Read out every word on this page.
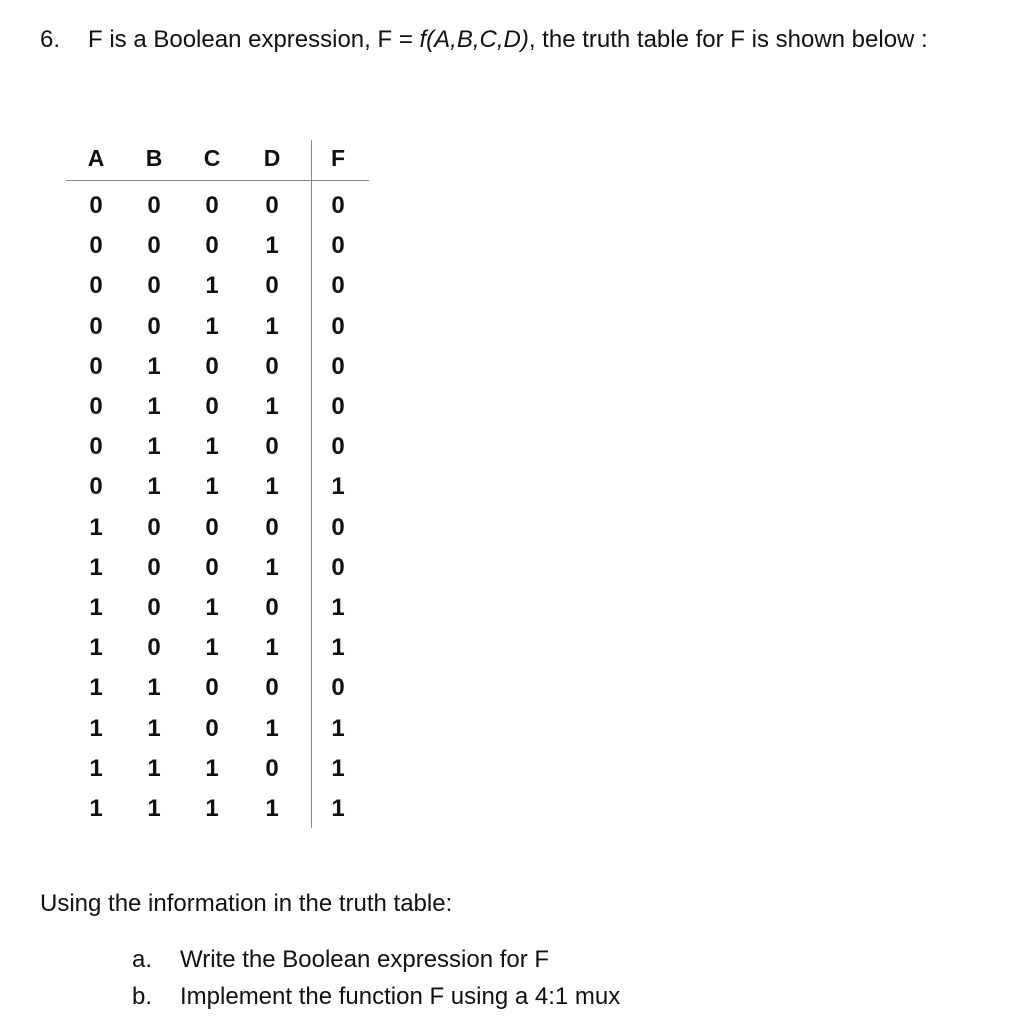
6. F is a Boolean expression, F = f(A,B,C,D), the truth table for F is shown below :
A	B	C	D	F
0	0	0	0	0
0	0	0	1	0
0	0	1	0	0
0	0	1	1	0
0	1	0	0	0
0	1	0	1	0
0	1	1	0	0
0	1	1	1	1
1	0	0	0	0
1	0	0	1	0
1	0	1	0	1
1	0	1	1	1
1	1	0	0	0
1	1	0	1	1
1	1	1	0	1
1	1	1	1	1
Using the information in the truth table:
a. Write the Boolean expression for F
b. Implement the function F using a 4:1 mux
